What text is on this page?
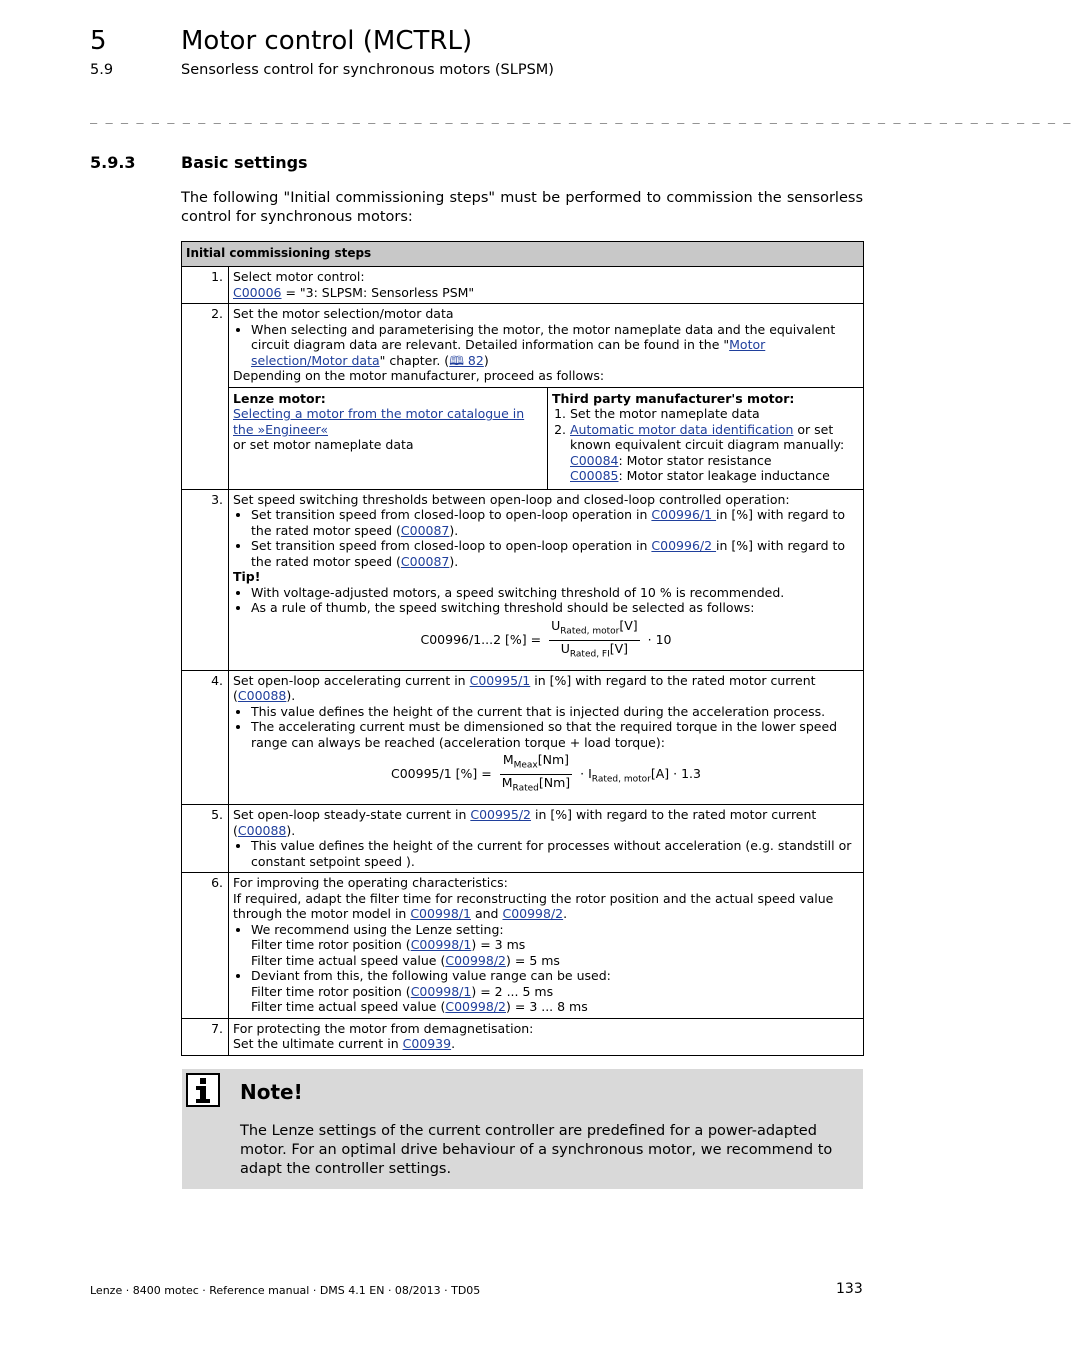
5	Motor control (MCTRL)
5.9	Sensorless control for synchronous motors (SLPSM)
_ _ _ _ _ _ _ _ _ _ _ _ _ _ _ _ _ _ _ _ _ _ _ _ _ _ _ _ _ _ _ _ _ _ _ _ _ _ _ _ _ _ _ _ _ _ _ _ _ _ _ _ _ _ _ _ _ _ _ _ _ _ _ _
5.9.3	Basic settings
The following "Initial commissioning steps" must be performed to commission the sensorless control for synchronous motors:
Initial commissioning steps
1.	Select motor control:
C00006 = "3: SLPSM: Sensorless PSM"

2.	Set the motor selection/motor data
• When selecting and parameterising the motor, the motor nameplate data and the equivalent circuit diagram data are relevant. Detailed information can be found in the "Motor selection/Motor data" chapter. (🕮 82)
Depending on the motor manufacturer, proceed as follows:
Lenze motor:
Selecting a motor from the motor catalogue in the »Engineer«
or set motor nameplate data

Third party manufacturer's motor:
1. Set the motor nameplate data
2. Automatic motor data identification or set known equivalent circuit diagram manually:
C00084: Motor stator resistance
C00085: Motor stator leakage inductance

3.	Set speed switching thresholds between open-loop and closed-loop controlled operation:
• Set transition speed from closed-loop to open-loop operation in C00996/1 in [%] with regard to the rated motor speed (C00087).
• Set transition speed from closed-loop to open-loop operation in C00996/2 in [%] with regard to the rated motor speed (C00087).
Tip!
• With voltage-adjusted motors, a speed switching threshold of 10 % is recommended.
• As a rule of thumb, the speed switching threshold should be selected as follows:
C00996/1...2 [%] = $\frac{U_{Rated, motor}[V]}{U_{Rated, FI}[V]} \cdot 10$

4.	Set open-loop accelerating current in C00995/1 in [%] with regard to the rated motor current (C00088).
• This value defines the height of the current that is injected during the acceleration process.
• The accelerating current must be dimensioned so that the required torque in the lower speed range can always be reached (acceleration torque + load torque):
C00995/1 [%] = $\frac{M_{Meax}[Nm]}{M_{Rated}[Nm]} \cdot I_{Rated, motor}[A] \cdot 1.3$

5.	Set open-loop steady-state current in C00995/2 in [%] with regard to the rated motor current (C00088).
• This value defines the height of the current for processes without acceleration (e.g. standstill or constant setpoint speed ).

6.	For improving the operating characteristics:
If required, adapt the filter time for reconstructing the rotor position and the actual speed value through the motor model in C00998/1 and C00998/2.
• We recommend using the Lenze setting:
Filter time rotor position (C00998/1) = 3 ms
Filter time actual speed value (C00998/2) = 5 ms
• Deviant from this, the following value range can be used:
Filter time rotor position (C00998/1) = 2 ... 5 ms
Filter time actual speed value (C00998/2) = 3 ... 8 ms

7.	For protecting the motor from demagnetisation:
Set the ultimate current in C00939.
Note!
The Lenze settings of the current controller are predefined for a power-adapted motor. For an optimal drive behaviour of a synchronous motor, we recommend to adapt the controller settings.
Lenze · 8400 motec · Reference manual · DMS 4.1 EN · 08/2013 · TD05	133
